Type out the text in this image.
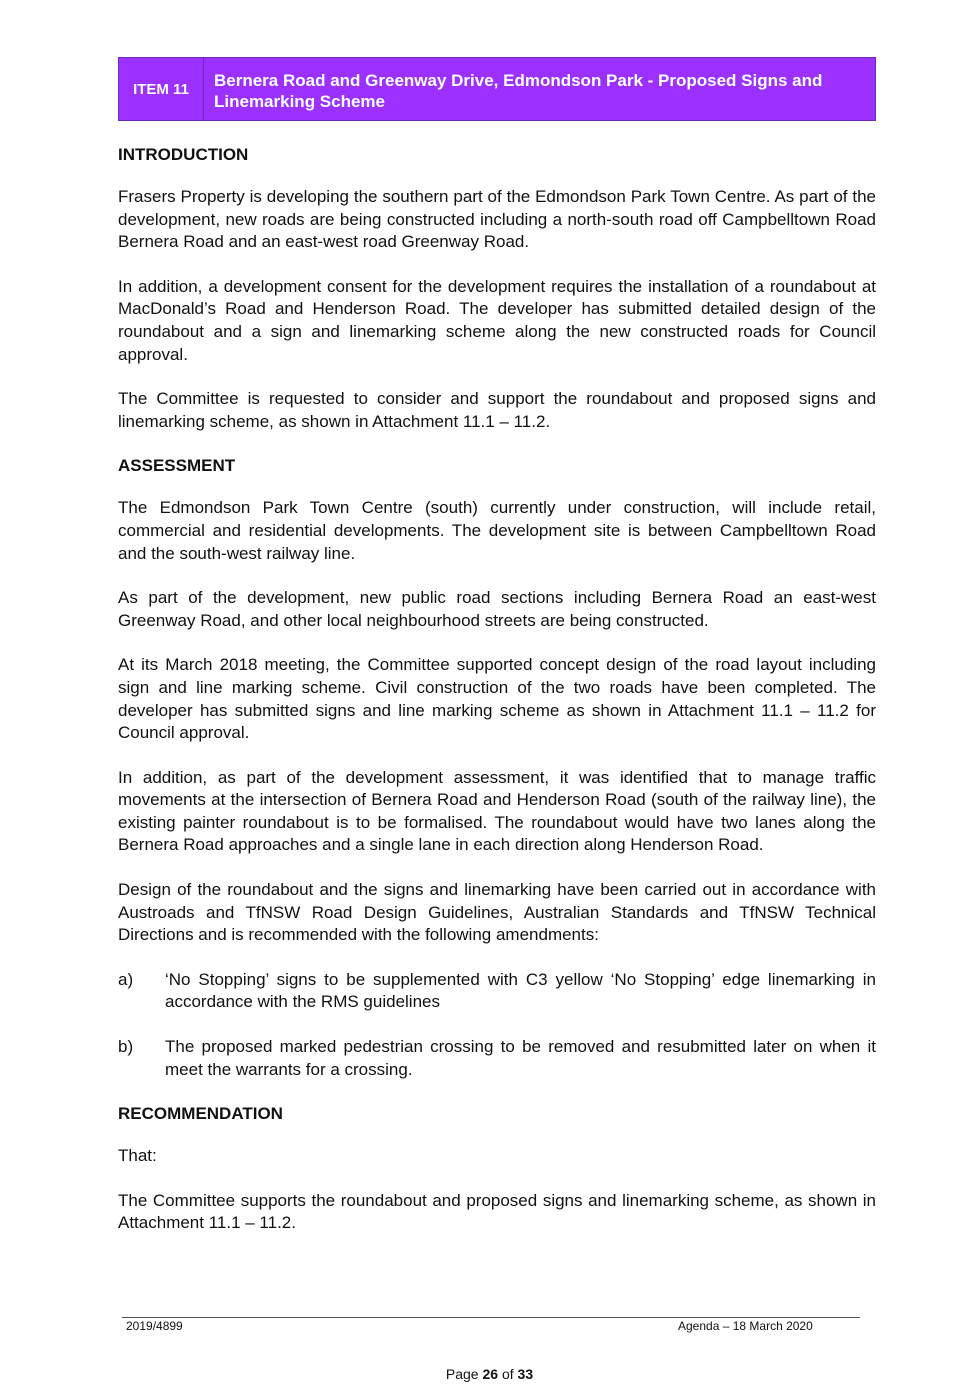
ITEM 11	Bernera Road and Greenway Drive, Edmondson Park - Proposed Signs and Linemarking Scheme
INTRODUCTION

Frasers Property is developing the southern part of the Edmondson Park Town Centre. As part of the development, new roads are being constructed including a north-south road off Campbelltown Road Bernera Road and an east-west road Greenway Road.

In addition, a development consent for the development requires the installation of a roundabout at MacDonald’s Road and Henderson Road. The developer has submitted detailed design of the roundabout and a sign and linemarking scheme along the new constructed roads for Council approval.

The Committee is requested to consider and support the roundabout and proposed signs and linemarking scheme, as shown in Attachment 11.1 – 11.2.

ASSESSMENT

The Edmondson Park Town Centre (south) currently under construction, will include retail, commercial and residential developments. The development site is between Campbelltown Road and the south-west railway line.

As part of the development, new public road sections including Bernera Road an east-west Greenway Road, and other local neighbourhood streets are being constructed.

At its March 2018 meeting, the Committee supported concept design of the road layout including sign and line marking scheme. Civil construction of the two roads have been completed. The developer has submitted signs and line marking scheme as shown in Attachment 11.1 – 11.2 for Council approval.

In addition, as part of the development assessment, it was identified that to manage traffic movements at the intersection of Bernera Road and Henderson Road (south of the railway line), the existing painter roundabout is to be formalised. The roundabout would have two lanes along the Bernera Road approaches and a single lane in each direction along Henderson Road.

Design of the roundabout and the signs and linemarking have been carried out in accordance with Austroads and TfNSW Road Design Guidelines, Australian Standards and TfNSW Technical Directions and is recommended with the following amendments:

a)	‘No Stopping’ signs to be supplemented with C3 yellow ‘No Stopping’ edge linemarking in accordance with the RMS guidelines
b)	The proposed marked pedestrian crossing to be removed and resubmitted later on when it meet the warrants for a crossing.
RECOMMENDATION

That:

The Committee supports the roundabout and proposed signs and linemarking scheme, as shown in Attachment 11.1 – 11.2.

2019/4899	Agenda – 18 March 2020
Page 26 of 33
